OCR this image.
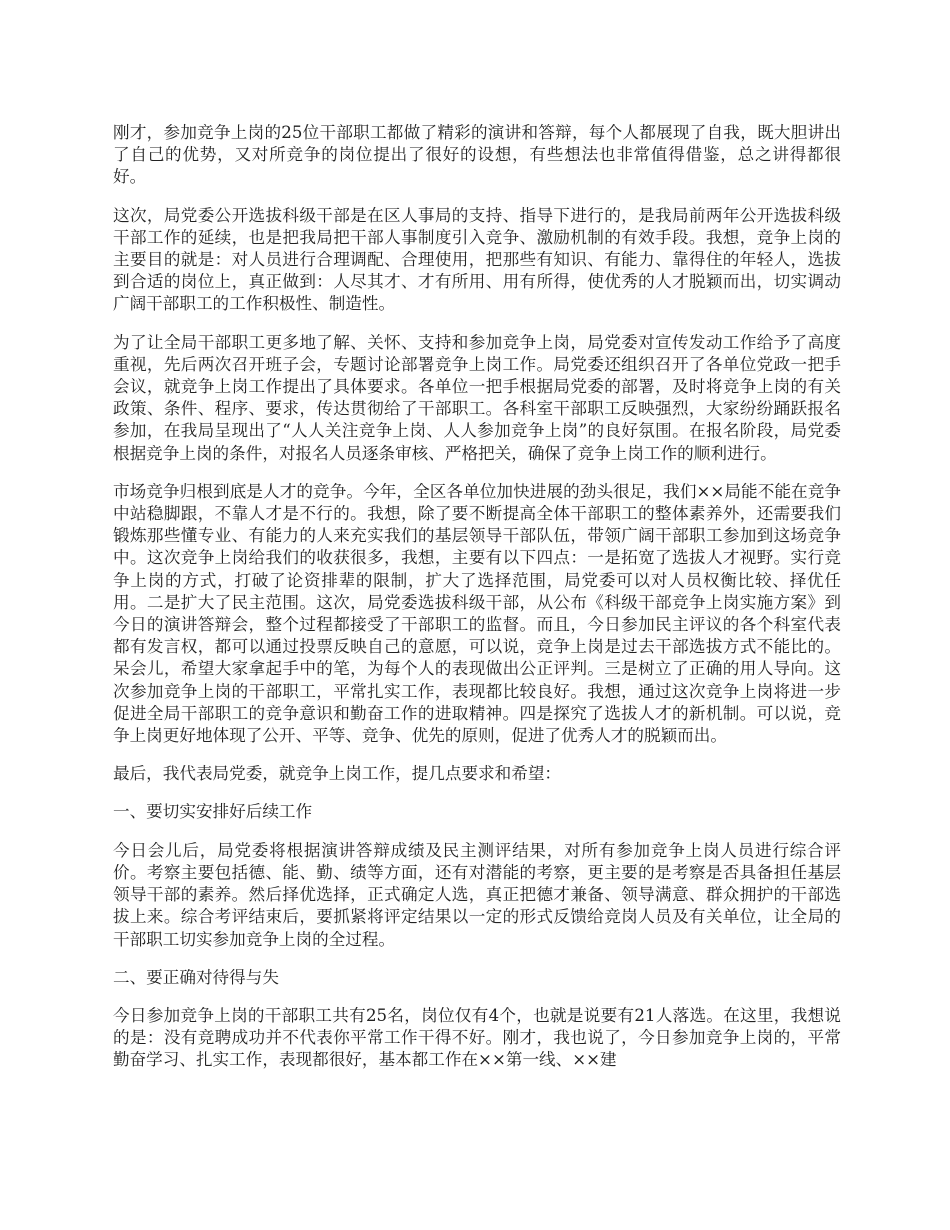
刚才，参加竞争上岗的25位干部职工都做了精彩的演讲和答辩，每个人都展现了自我，既大胆讲出了自己的优势，又对所竞争的岗位提出了很好的设想，有些想法也非常值得借鉴，总之讲得都很好。

这次，局党委公开选拔科级干部是在区人事局的支持、指导下进行的，是我局前两年公开选拔科级干部工作的延续，也是把我局把干部人事制度引入竞争、激励机制的有效手段。我想，竞争上岗的主要目的就是：对人员进行合理调配、合理使用，把那些有知识、有能力、靠得住的年轻人，选拔到合适的岗位上，真正做到：人尽其才、才有所用、用有所得，使优秀的人才脱颖而出，切实调动广阔干部职工的工作积极性、制造性。

为了让全局干部职工更多地了解、关怀、支持和参加竞争上岗，局党委对宣传发动工作给予了高度重视，先后两次召开班子会，专题讨论部署竞争上岗工作。局党委还组织召开了各单位党政一把手会议，就竞争上岗工作提出了具体要求。各单位一把手根据局党委的部署，及时将竞争上岗的有关政策、条件、程序、要求，传达贯彻给了干部职工。各科室干部职工反映强烈，大家纷纷踊跃报名参加，在我局呈现出了“人人关注竞争上岗、人人参加竞争上岗”的良好氛围。在报名阶段，局党委根据竞争上岗的条件，对报名人员逐条审核、严格把关，确保了竞争上岗工作的顺利进行。

市场竞争归根到底是人才的竞争。今年，全区各单位加快进展的劲头很足，我们××局能不能在竞争中站稳脚跟，不靠人才是不行的。我想，除了要不断提高全体干部职工的整体素养外，还需要我们锻炼那些懂专业、有能力的人来充实我们的基层领导干部队伍，带领广阔干部职工参加到这场竞争中。这次竞争上岗给我们的收获很多，我想，主要有以下四点：一是拓宽了选拔人才视野。实行竞争上岗的方式，打破了论资排辈的限制，扩大了选择范围，局党委可以对人员权衡比较、择优任用。二是扩大了民主范围。这次，局党委选拔科级干部，从公布《科级干部竞争上岗实施方案》到今日的演讲答辩会，整个过程都接受了干部职工的监督。而且，今日参加民主评议的各个科室代表都有发言权，都可以通过投票反映自己的意愿，可以说，竞争上岗是过去干部选拔方式不能比的。呆会儿，希望大家拿起手中的笔，为每个人的表现做出公正评判。三是树立了正确的用人导向。这次参加竞争上岗的干部职工，平常扎实工作，表现都比较良好。我想，通过这次竞争上岗将进一步促进全局干部职工的竞争意识和勤奋工作的进取精神。四是探究了选拔人才的新机制。可以说，竞争上岗更好地体现了公开、平等、竞争、优先的原则，促进了优秀人才的脱颖而出。

最后，我代表局党委，就竞争上岗工作，提几点要求和希望：

一、要切实安排好后续工作

今日会儿后，局党委将根据演讲答辩成绩及民主测评结果，对所有参加竞争上岗人员进行综合评价。考察主要包括德、能、勤、绩等方面，还有对潜能的考察，更主要的是考察是否具备担任基层领导干部的素养。然后择优选择，正式确定人选，真正把德才兼备、领导满意、群众拥护的干部选拔上来。综合考评结束后，要抓紧将评定结果以一定的形式反馈给竞岗人员及有关单位，让全局的干部职工切实参加竞争上岗的全过程。

二、要正确对待得与失

今日参加竞争上岗的干部职工共有25名，岗位仅有4个，也就是说要有21人落选。在这里，我想说的是：没有竞聘成功并不代表你平常工作干得不好。刚才，我也说了，今日参加竞争上岗的，平常勤奋学习、扎实工作，表现都很好，基本都工作在××第一线、××建
